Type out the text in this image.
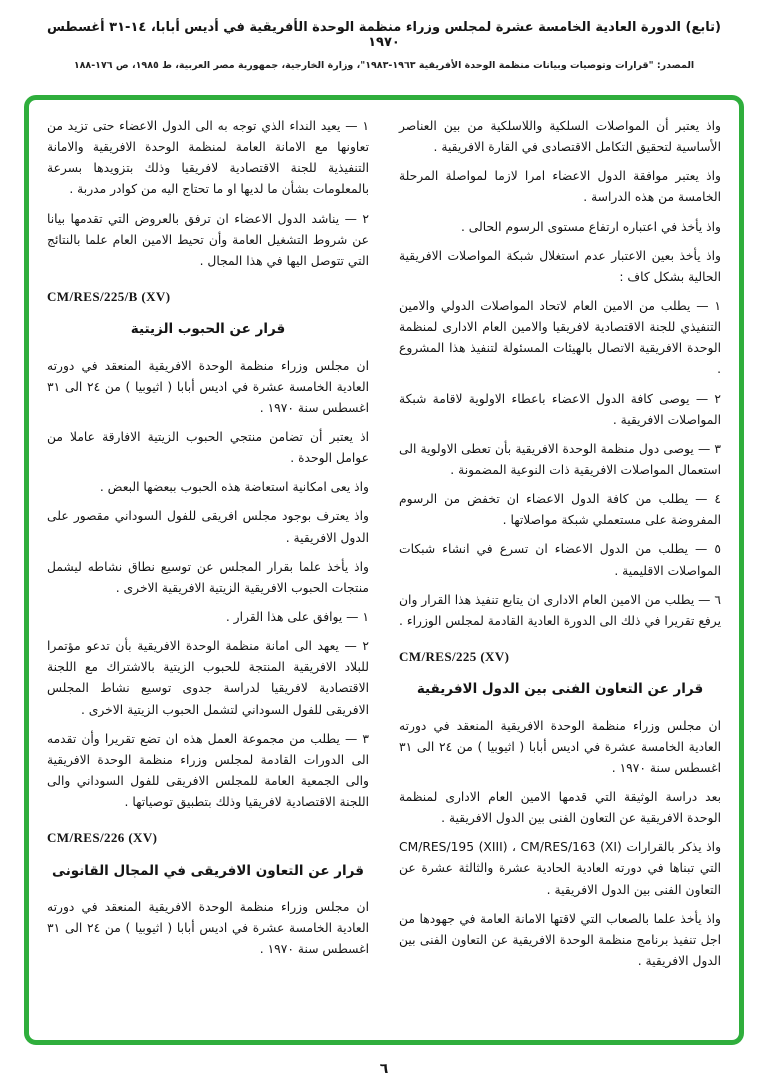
(تابع) الدورة العادية الخامسة عشرة لمجلس وزراء منظمة الوحدة الأفريقية في أديس أبابا، ١٤-٣١ أغسطس ١٩٧٠
المصدر: "قرارات وتوصيات وبيانات منظمة الوحدة الأفريقية ١٩٦٣-١٩٨٣"، وزارة الخارجية، جمهورية مصر العربية، ط ١٩٨٥، ص ١٧٦-١٨٨

واذ يعتبر أن المواصلات السلكية واللاسلكية من بين العناصر الأساسية لتحقيق التكامل الاقتصادى في القارة الافريقية .

واذ يعتبر موافقة الدول الاعضاء امرا لازما لمواصلة المرحلة الخامسة من هذه الدراسة .

واذ يأخذ في اعتباره ارتفاع مستوى الرسوم الحالى .

واذ يأخذ بعين الاعتبار عدم استغلال شبكة المواصلات الافريقية الحالية بشكل كاف :

١ — يطلب من الامين العام لاتحاد المواصلات الدولي والامين التنفيذي للجنة الاقتصادية لافريقيا والامين العام الادارى لمنظمة الوحدة الافريقية الاتصال بالهيئات المسئولة لتنفيذ هذا المشروع .

٢ — يوصى كافة الدول الاعضاء باعطاء الاولوية لاقامة شبكة المواصلات الافريقية .

٣ — يوصى دول منظمة الوحدة الافريقية بأن تعطى الاولوية الى استعمال المواصلات الافريقية ذات النوعية المضمونة .

٤ — يطلب من كافة الدول الاعضاء ان تخفض من الرسوم المفروضة على مستعملي شبكة مواصلاتها .

٥ — يطلب من الدول الاعضاء ان تسرع في انشاء شبكات المواصلات الاقليمية .

٦ — يطلب من الامين العام الادارى ان يتابع تنفيذ هذا القرار وان يرفع تقريرا في ذلك الى الدورة العادية القادمة لمجلس الوزراء .

CM/RES/225 (XV)

قرار عن التعاون الفنى بين الدول الافريقية

ان مجلس وزراء منظمة الوحدة الافريقية المنعقد في دورته العادية الخامسة عشرة في اديس أبابا ( اثيوبيا ) من ٢٤ الى ٣١ اغسطس سنة ١٩٧٠ .

بعد دراسة الوثيقة التي قدمها الامين العام الادارى لمنظمة الوحدة الافريقية عن التعاون الفنى بين الدول الافريقية .

واذ يذكر بالقرارات CM/RES/195 (XIII) ، CM/RES/163 (XI) التي تبناها في دورته العادية الحادية عشرة والثالثة عشرة عن التعاون الفنى بين الدول الافريقية .

واذ يأخذ علما بالصعاب التي لاقتها الامانة العامة في جهودها من اجل تنفيذ برنامج منظمة الوحدة الافريقية عن التعاون الفنى بين الدول الافريقية .

١ — يعيد النداء الذي توجه به الى الدول الاعضاء حتى تزيد من تعاونها مع الامانة العامة لمنظمة الوحدة الافريقية والامانة التنفيذية للجنة الاقتصادية لافريقيا وذلك بتزويدها بسرعة بالمعلومات بشأن ما لديها او ما تحتاج اليه من كوادر مدربة .

٢ — يناشد الدول الاعضاء ان ترفق بالعروض التي تقدمها بيانا عن شروط التشغيل العامة وأن تحيط الامين العام علما بالنتائج التي تتوصل اليها في هذا المجال .

CM/RES/225/B (XV)

قرار عن الحبوب الزيتية

ان مجلس وزراء منظمة الوحدة الافريقية المنعقد في دورته العادية الخامسة عشرة في اديس أبابا ( اثيوبيا ) من ٢٤ الى ٣١ اغسطس سنة ١٩٧٠ .

اذ يعتبر أن تضامن منتجي الحبوب الزيتية الافارقة عاملا من عوامل الوحدة .

واذ يعى امكانية استعاضة هذه الحبوب ببعضها البعض .

واذ يعترف بوجود مجلس افريقى للفول السوداني مقصور على الدول الافريقية .

واذ يأخذ علما بقرار المجلس عن توسيع نطاق نشاطه ليشمل منتجات الحبوب الافريقية الزيتية الافريقية الاخرى .

١ — يوافق على هذا القرار .

٢ — يعهد الى امانة منظمة الوحدة الافريقية بأن تدعو مؤتمرا للبلاد الافريقية المنتجة للحبوب الزيتية بالاشتراك مع اللجنة الاقتصادية لافريقيا لدراسة جدوى توسيع نشاط المجلس الافريقى للفول السوداني لتشمل الحبوب الزيتية الاخرى .

٣ — يطلب من مجموعة العمل هذه ان تضع تقريرا وأن تقدمه الى الدورات القادمة لمجلس وزراء منظمة الوحدة الافريقية والى الجمعية العامة للمجلس الافريقى للفول السوداني والى اللجنة الاقتصادية لافريقيا وذلك بتطبيق توصياتها .

CM/RES/226 (XV)

قرار عن التعاون الافريقى في المجال القانونى

ان مجلس وزراء منظمة الوحدة الافريقية المنعقد في دورته العادية الخامسة عشرة في اديس أبابا ( اثيوبيا ) من ٢٤ الى ٣١ اغسطس سنة ١٩٧٠ .

٦
